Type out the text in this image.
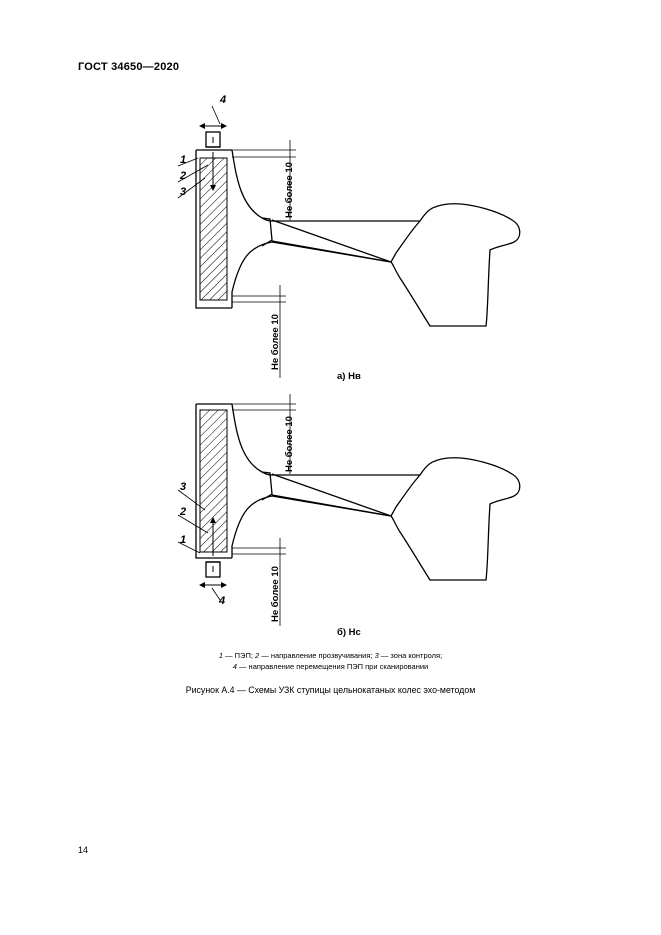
ГОСТ 34650—2020
4
1
2
3	Не более 10
Не более 10
а) Нв
4
3
2
1
Не более 10
Не более 10
б) Нс
1 — ПЭП; 2 — направление прозвучивания; 3 — зона контроля;
4 — направление перемещения ПЭП при сканировании
Рисунок А.4 — Схемы УЗК ступицы цельнокатаных колес эхо-методом
14
